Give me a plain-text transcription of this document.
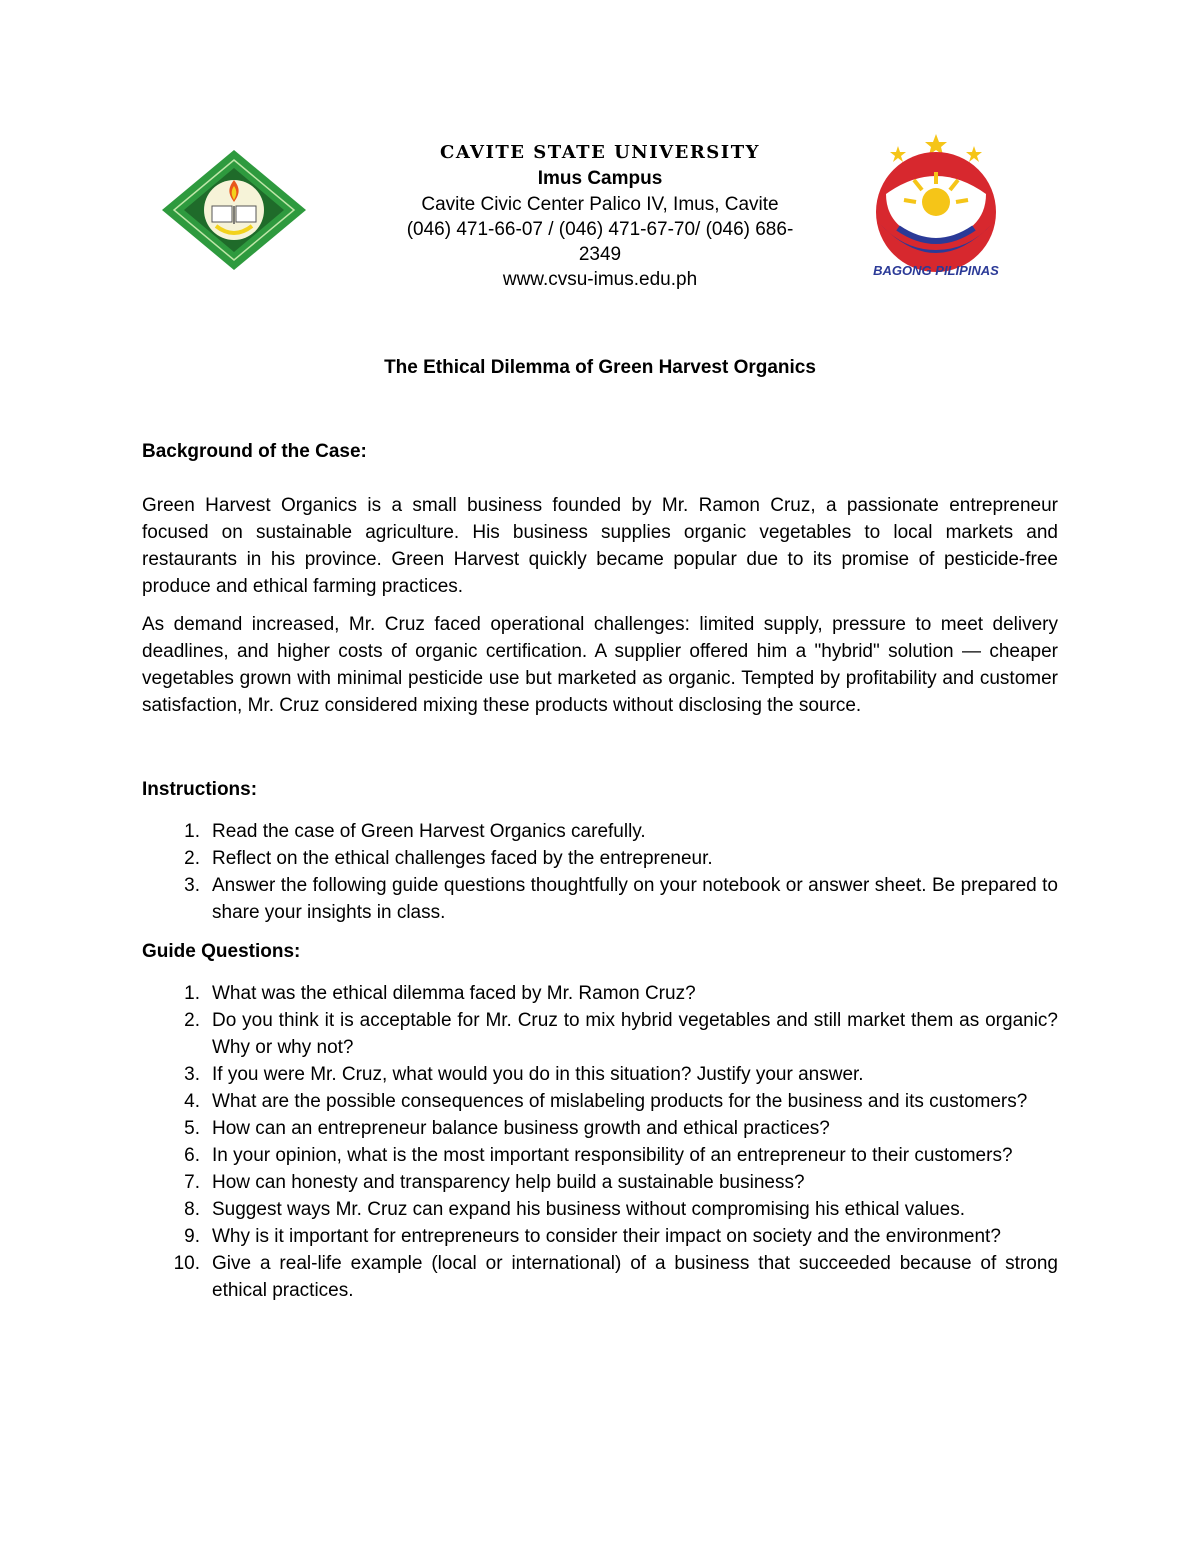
CAVITE STATE UNIVERSITY
Imus Campus
Cavite Civic Center Palico IV, Imus, Cavite
(046) 471-66-07 / (046) 471-67-70/ (046) 686-2349
www.cvsu-imus.edu.ph	BAGONG PILIPINAS
The Ethical Dilemma of Green Harvest Organics

Background of the Case:

Green Harvest Organics is a small business founded by Mr. Ramon Cruz, a passionate entrepreneur focused on sustainable agriculture. His business supplies organic vegetables to local markets and restaurants in his province. Green Harvest quickly became popular due to its promise of pesticide-free produce and ethical farming practices.

As demand increased, Mr. Cruz faced operational challenges: limited supply, pressure to meet delivery deadlines, and higher costs of organic certification. A supplier offered him a "hybrid" solution — cheaper vegetables grown with minimal pesticide use but marketed as organic. Tempted by profitability and customer satisfaction, Mr. Cruz considered mixing these products without disclosing the source.

Instructions:

1. Read the case of Green Harvest Organics carefully.
2. Reflect on the ethical challenges faced by the entrepreneur.
3. Answer the following guide questions thoughtfully on your notebook or answer sheet. Be prepared to share your insights in class.

Guide Questions:

1. What was the ethical dilemma faced by Mr. Ramon Cruz?
2. Do you think it is acceptable for Mr. Cruz to mix hybrid vegetables and still market them as organic? Why or why not?
3. If you were Mr. Cruz, what would you do in this situation? Justify your answer.
4. What are the possible consequences of mislabeling products for the business and its customers?
5. How can an entrepreneur balance business growth and ethical practices?
6. In your opinion, what is the most important responsibility of an entrepreneur to their customers?
7. How can honesty and transparency help build a sustainable business?
8. Suggest ways Mr. Cruz can expand his business without compromising his ethical values.
9. Why is it important for entrepreneurs to consider their impact on society and the environment?
10. Give a real-life example (local or international) of a business that succeeded because of strong ethical practices.
